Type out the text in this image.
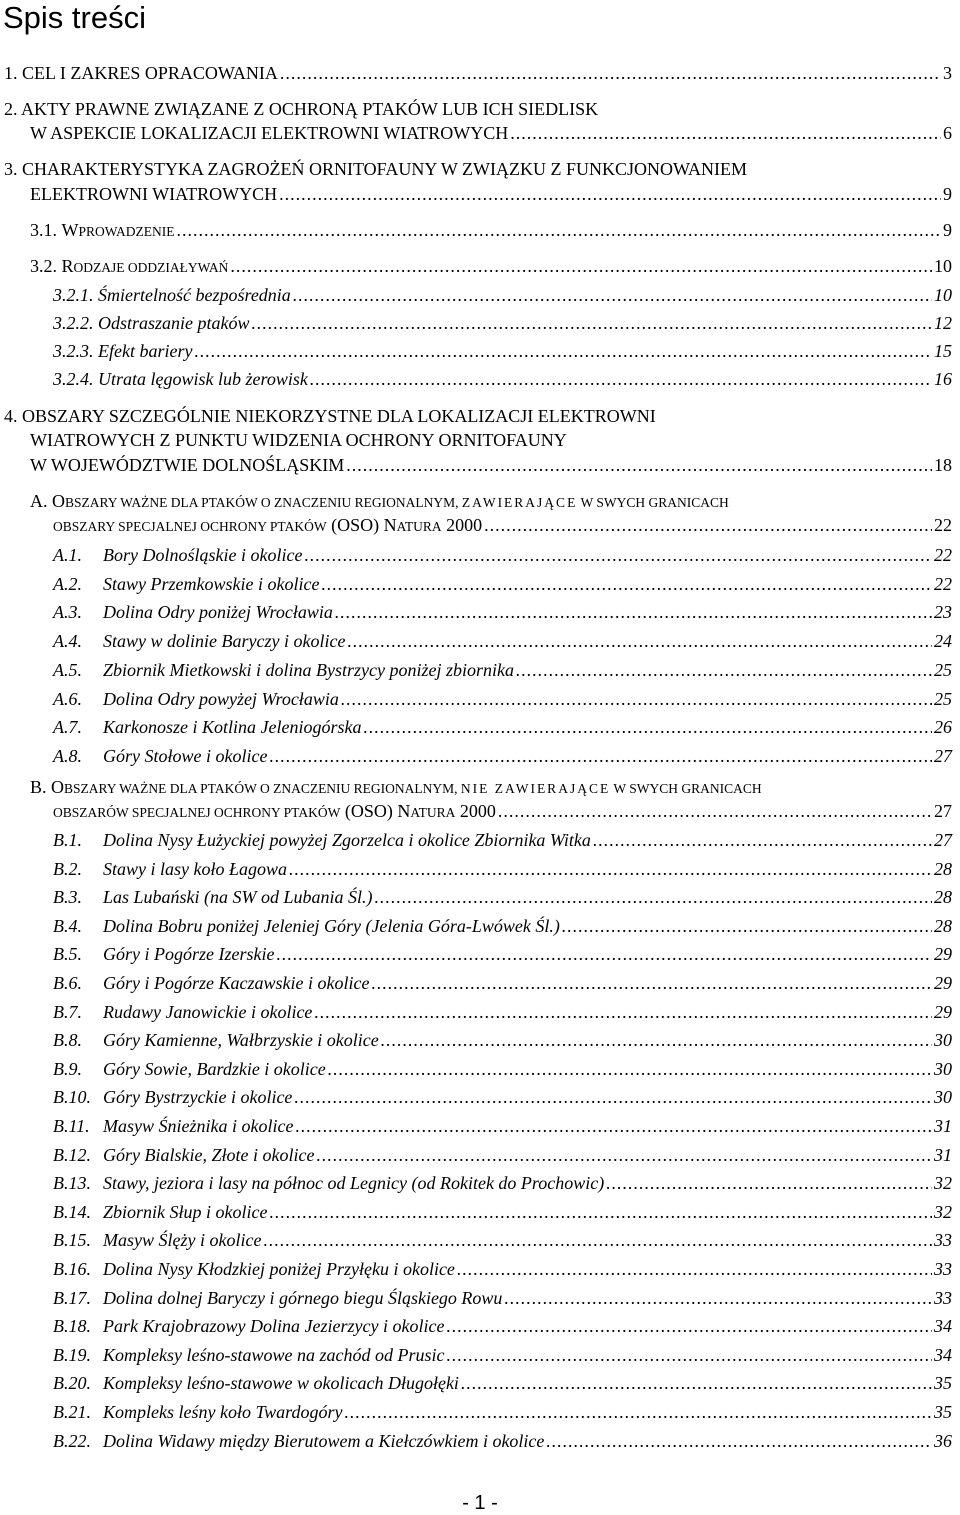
Spis treści
1. CEL I ZAKRES OPRACOWANIA .....	3
2. AKTY PRAWNE ZWIĄZANE Z OCHRONĄ PTAKÓW LUB ICH SIEDLISK
W ASPEKCIE LOKALIZACJI ELEKTROWNI WIATROWYCH .....	6
3. CHARAKTERYSTYKA ZAGROŻEŃ ORNITOFAUNY W ZWIĄZKU Z FUNKCJONOWANIEM
ELEKTROWNI WIATROWYCH .....	9
3.1. WPROWADZENIE .....	9
3.2. RODZAJE ODDZIAŁYWAŃ .....	10
3.2.1. Śmiertelność bezpośrednia .....	10
3.2.2. Odstraszanie ptaków .....	12
3.2.3. Efekt bariery .....	15
3.2.4. Utrata lęgowisk lub żerowisk .....	16
4. OBSZARY SZCZEGÓLNIE NIEKORZYSTNE DLA LOKALIZACJI ELEKTROWNI
WIATROWYCH Z PUNKTU WIDZENIA OCHRONY ORNITOFAUNY
W WOJEWÓDZTWIE DOLNOŚLĄSKIM .....	18
A. OBSZARY WAŻNE DLA PTAKÓW O ZNACZENIU REGIONALNYM, ZAWIERAJĄCE W SWYCH GRANICACH
OBSZARY SPECJALNEJ OCHRONY PTAKÓW (OSO) NATURA 2000 .....	22
A.1. Bory Dolnośląskie i okolice .....	22
A.2. Stawy Przemkowskie i okolice .....	22
A.3. Dolina Odry poniżej Wrocławia .....	23
A.4. Stawy w dolinie Baryczy i okolice .....	24
A.5. Zbiornik Mietkowski i dolina Bystrzycy poniżej zbiornika .....	25
A.6. Dolina Odry powyżej Wrocławia .....	25
A.7. Karkonosze i Kotlina Jeleniogórska .....	26
A.8. Góry Stołowe i okolice .....	27
B. OBSZARY WAŻNE DLA PTAKÓW O ZNACZENIU REGIONALNYM, NIE ZAWIERAJĄCE W SWYCH GRANICACH
OBSZARÓW SPECJALNEJ OCHRONY PTAKÓW (OSO) NATURA 2000 .....	27
B.1. Dolina Nysy Łużyckiej powyżej Zgorzelca i okolice Zbiornika Witka .....	27
B.2. Stawy i lasy koło Łagowa .....	28
B.3. Las Lubański (na SW od Lubania Śl.) .....	28
B.4. Dolina Bobru poniżej Jeleniej Góry (Jelenia Góra-Lwówek Śl.) .....	28
B.5. Góry i Pogórze Izerskie .....	29
B.6. Góry i Pogórze Kaczawskie i okolice .....	29
B.7. Rudawy Janowickie i okolice .....	29
B.8. Góry Kamienne, Wałbrzyskie i okolice .....	30
B.9. Góry Sowie, Bardzkie i okolice .....	30
B.10. Góry Bystrzyckie i okolice .....	30
B.11. Masyw Śnieżnika i okolice .....	31
B.12. Góry Bialskie, Złote i okolice .....	31
B.13. Stawy, jeziora i lasy na północ od Legnicy (od Rokitek do Prochowic) .....	32
B.14. Zbiornik Słup i okolice .....	32
B.15. Masyw Ślęży i okolice .....	33
B.16. Dolina Nysy Kłodzkiej poniżej Przyłęku i okolice .....	33
B.17. Dolina dolnej Baryczy i górnego biegu Śląskiego Rowu .....	33
B.18. Park Krajobrazowy Dolina Jezierzycy i okolice .....	34
B.19. Kompleksy leśno-stawowe na zachód od Prusic .....	34
B.20. Kompleksy leśno-stawowe w okolicach Długołęki .....	35
B.21. Kompleks leśny koło Twardogóry .....	35
B.22. Dolina Widawy między Bierutowem a Kiełczówkiem i okolice .....	36
- 1 -
